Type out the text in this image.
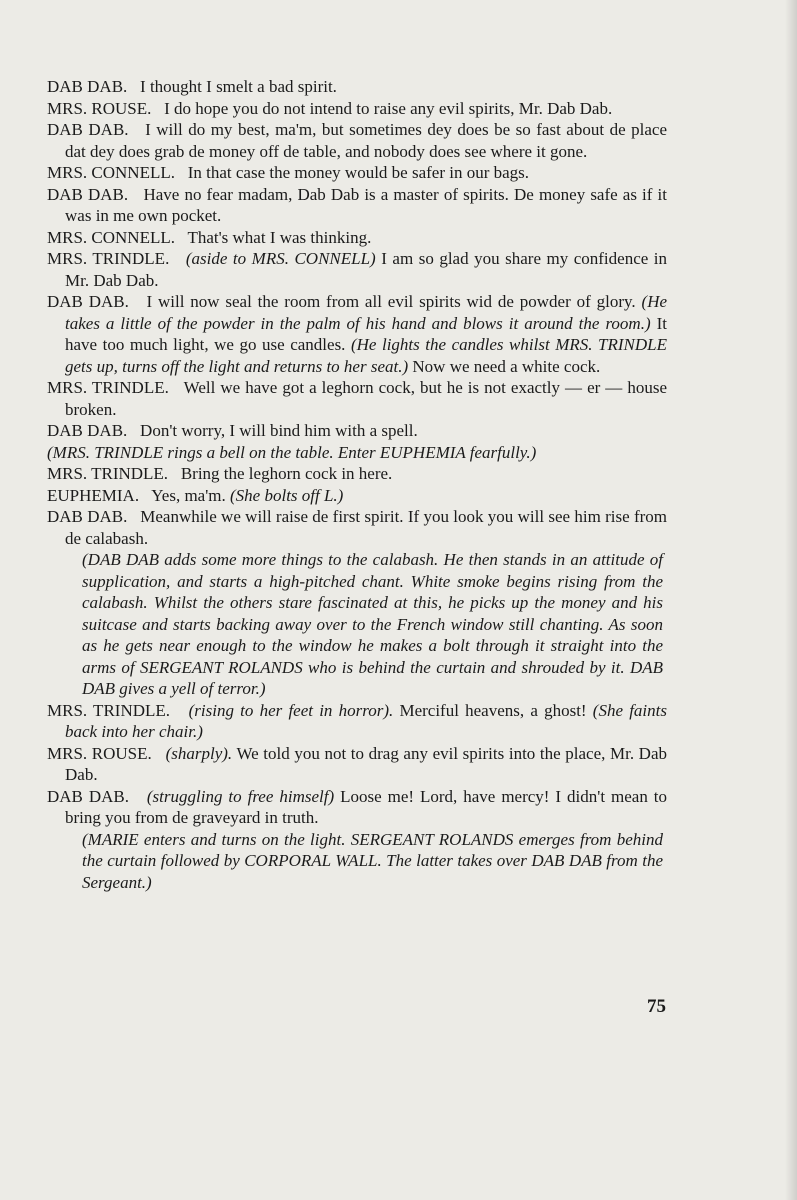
DAB DAB. I thought I smelt a bad spirit.

MRS. ROUSE. I do hope you do not intend to raise any evil spirits, Mr. Dab Dab.

DAB DAB. I will do my best, ma'm, but sometimes dey does be so fast about de place dat dey does grab de money off de table, and nobody does see where it gone.

MRS. CONNELL. In that case the money would be safer in our bags.

DAB DAB. Have no fear madam, Dab Dab is a master of spirits. De money safe as if it was in me own pocket.

MRS. CONNELL. That's what I was thinking.

MRS. TRINDLE. (aside to MRS. CONNELL) I am so glad you share my confidence in Mr. Dab Dab.

DAB DAB. I will now seal the room from all evil spirits wid de powder of glory. (He takes a little of the powder in the palm of his hand and blows it around the room.) It have too much light, we go use candles. (He lights the candles whilst MRS. TRINDLE gets up, turns off the light and returns to her seat.) Now we need a white cock.

MRS. TRINDLE. Well we have got a leghorn cock, but he is not exactly — er — house broken.

DAB DAB. Don't worry, I will bind him with a spell.

(MRS. TRINDLE rings a bell on the table. Enter EUPHEMIA fearfully.)

MRS. TRINDLE. Bring the leghorn cock in here.

EUPHEMIA. Yes, ma'm. (She bolts off L.)

DAB DAB. Meanwhile we will raise de first spirit. If you look you will see him rise from de calabash.

(DAB DAB adds some more things to the calabash. He then stands in an attitude of supplication, and starts a high-pitched chant. White smoke begins rising from the calabash. Whilst the others stare fascinated at this, he picks up the money and his suitcase and starts backing away over to the French window still chanting. As soon as he gets near enough to the window he makes a bolt through it straight into the arms of SERGEANT ROLANDS who is behind the curtain and shrouded by it. DAB DAB gives a yell of terror.)

MRS. TRINDLE. (rising to her feet in horror). Merciful heavens, a ghost! (She faints back into her chair.)

MRS. ROUSE. (sharply). We told you not to drag any evil spirits into the place, Mr. Dab Dab.

DAB DAB. (struggling to free himself) Loose me! Lord, have mercy! I didn't mean to bring you from de graveyard in truth.

(MARIE enters and turns on the light. SERGEANT ROLANDS emerges from behind the curtain followed by CORPORAL WALL. The latter takes over DAB DAB from the Sergeant.)

75
